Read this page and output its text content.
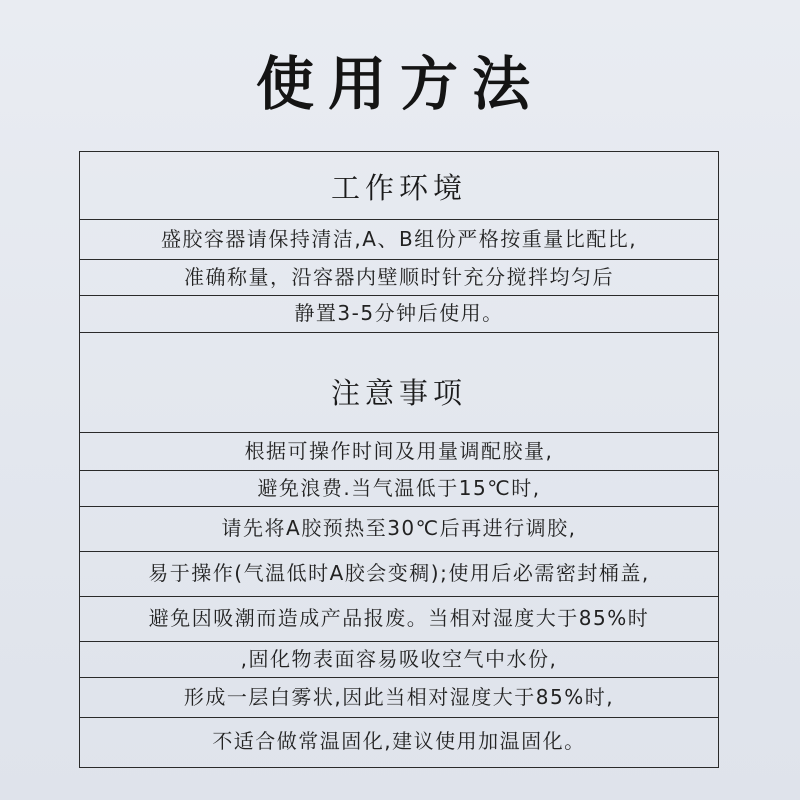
使用方法
工作环境
盛胶容器请保持清洁,A、B组份严格按重量比配比,
准确称量，沿容器内壁顺时针充分搅拌均匀后
静置3-5分钟后使用。
注意事项
根据可操作时间及用量调配胶量,
避免浪费.当气温低于15℃时,
请先将A胶预热至30℃后再进行调胶,
易于操作(气温低时A胶会变稠);使用后必需密封桶盖,
避免因吸潮而造成产品报废。当相对湿度大于85%时
,固化物表面容易吸收空气中水份,
形成一层白雾状,因此当相对湿度大于85%时,
不适合做常温固化,建议使用加温固化。
